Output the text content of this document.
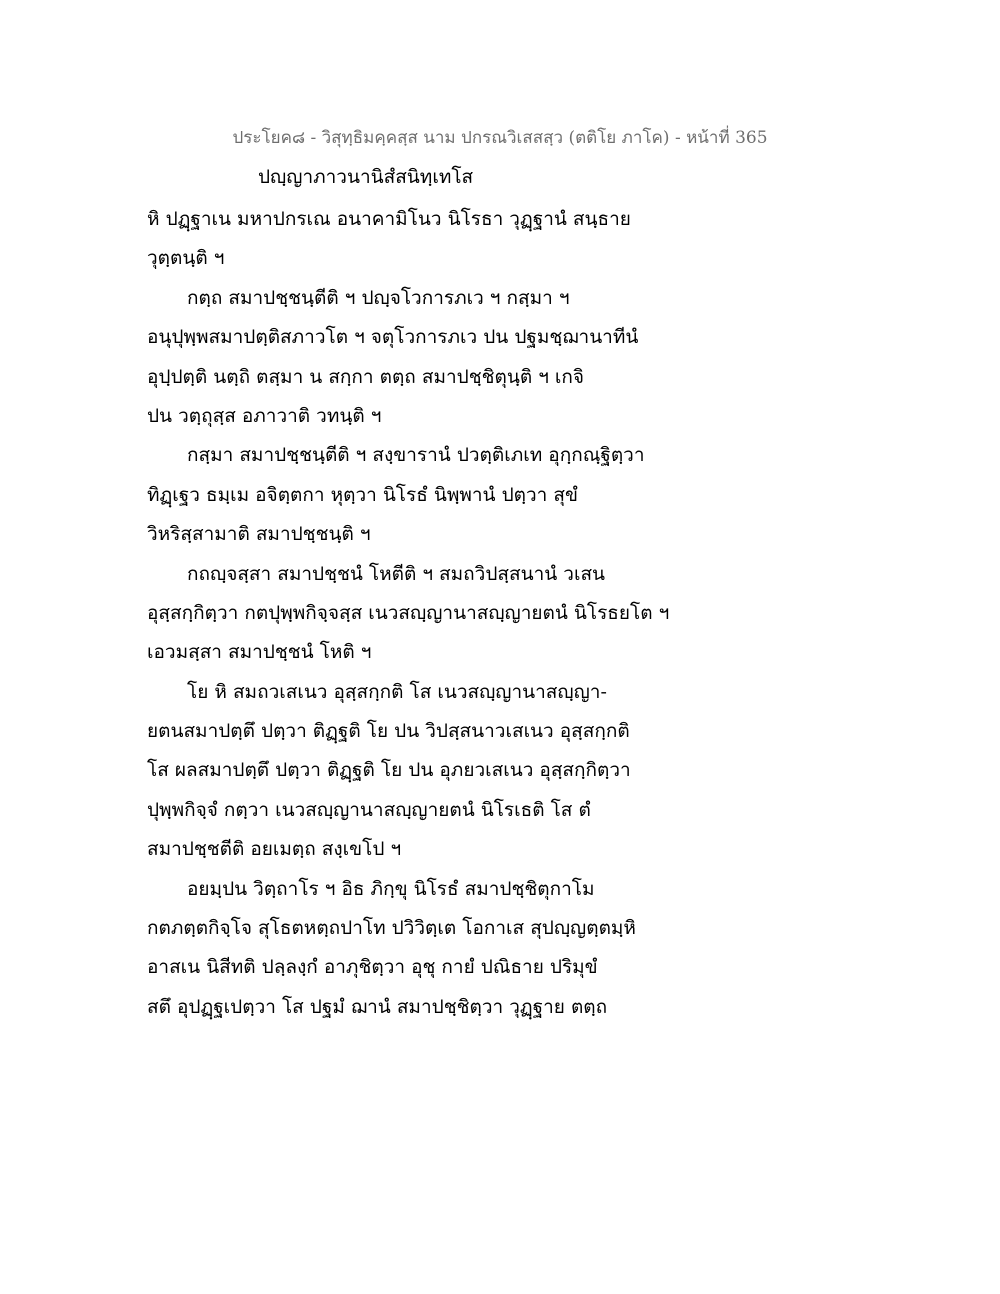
ประโยค๘ - วิสุทฺธิมคฺคสฺส นาม ปกรณวิเสสสฺว (ตติโย ภาโค) - หน้าที่ 365
ปญฺญาภาวนานิสํสนิทฺเทโส
หิ ปฏฺฐาเน มหาปกรเณ อนาคามิโนว นิโรธา วุฏฺฐานํ สนฺธาย
วุตฺตนฺติ ฯ
กตฺถ สมาปชฺชนฺตีติ ฯ ปญฺจโวการภเว ฯ กสฺมา ฯ
อนุปุพฺพสมาปตฺติสภาวโต ฯ จตุโวการภเว ปน ปฐมชฺฌานาทีนํ
อุปฺปตฺติ นตฺถิ ตสฺมา น สกฺกา ตตฺถ สมาปชฺชิตุนฺติ ฯ เกจิ
ปน วตฺถุสฺส อภาวาติ วทนฺติ ฯ
กสฺมา สมาปชฺชนฺตีติ ฯ สงฺขารานํ ปวตฺติเภเท อุกฺกณฺฐิตฺวา
ทิฏฺเฐว ธมฺเม อจิตฺตกา หุตฺวา นิโรธํ นิพฺพานํ ปตฺวา สุขํ
วิหริสฺสามาติ สมาปชฺชนฺติ ฯ
กถญฺจสฺสา สมาปชฺชนํ โหตีติ ฯ สมถวิปสฺสนานํ วเสน
อุสฺสกฺกิตฺวา กตปุพฺพกิจฺจสฺส เนวสญฺญานาสญฺญายตนํ นิโรธยโต ฯ
เอวมสฺสา สมาปชฺชนํ โหติ ฯ
โย หิ สมถวเสเนว อุสฺสกฺกติ โส เนวสญฺญานาสญฺญา-
ยตนสมาปตฺตึ ปตฺวา ติฏฺฐติ โย ปน วิปสฺสนาวเสเนว อุสฺสกฺกติ
โส ผลสมาปตฺตึ ปตฺวา ติฏฺฐติ โย ปน อุภยวเสเนว อุสฺสกฺกิตฺวา
ปุพฺพกิจฺจํ กตฺวา เนวสญฺญานาสญฺญายตนํ นิโรเธติ โส ตํ
สมาปชฺชตีติ อยเมตฺถ สงฺเขโป ฯ
อยมฺปน วิตฺถาโร ฯ อิธ ภิกฺขุ นิโรธํ สมาปชฺชิตุกาโม
กตภตฺตกิจฺโจ สุโธตหตฺถปาโท ปวิวิตฺเต โอกาเส สุปญฺญตฺตมฺหิ
อาสเน นิสีทติ ปลฺลงฺกํ อาภุชิตฺวา อุชุ กายํ ปณิธาย ปริมุขํ
สตึ อุปฏฺฐเปตฺวา โส ปฐมํ ฌานํ สมาปชฺชิตฺวา วุฏฺฐาย ตตฺถ
